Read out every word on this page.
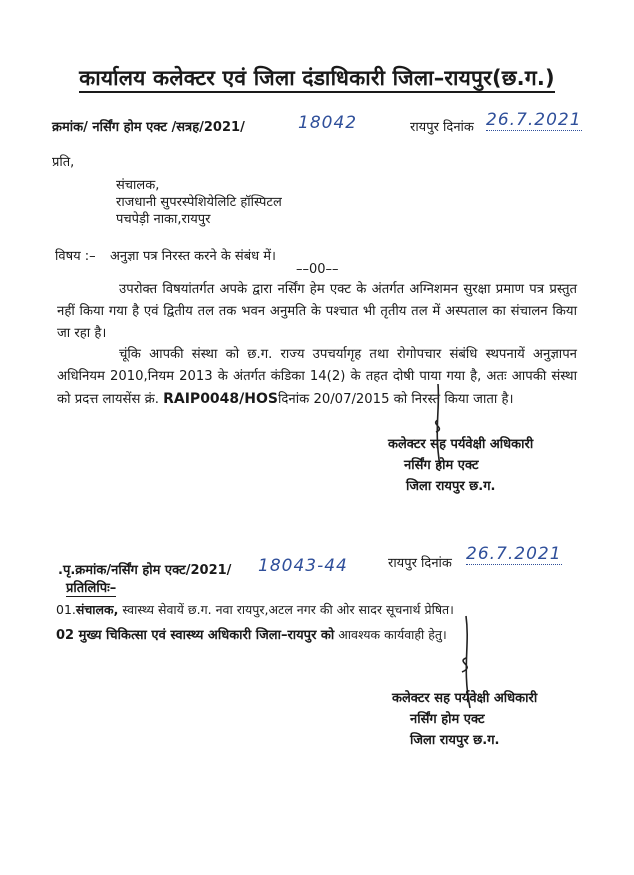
कार्यालय कलेक्टर एवं जिला दंडाधिकारी जिला–रायपुर(छ.ग.)
क्रमांक/ नर्सिंग होम एक्ट /सत्रह/2021/	18042	रायपुर दिनांक 26.7.2021
प्रति,
संचालक,
राजधानी सुपरस्पेशियेलिटि हॉस्पिटल
पचपेड़ी नाका,रायपुर
विषय :– अनुज्ञा पत्र निरस्त करने के संबंध में।
––00––
उपरोक्त विषयांतर्गत अपके द्वारा नर्सिंग हेम एक्ट के अंतर्गत अग्निशमन सुरक्षा प्रमाण पत्र प्रस्तुत नहीं किया गया है एवं द्वितीय तल तक भवन अनुमति के पश्चात भी तृतीय तल में अस्पताल का संचालन किया जा रहा है।
चूंकि आपकी संस्था को छ.ग. राज्य उपचर्यागृह तथा रोगोपचार संबंधि स्थपनायें अनुज्ञापन अधिनियम 2010,नियम 2013 के अंतर्गत कंडिका 14(2) के तहत दोषी पाया गया है, अतः आपकी संस्था को प्रदत्त लायसेंस क्रं. RAIP0048/HOSदिनांक 20/07/2015 को निरस्त किया जाता है।
कलेक्टर सह पर्यवेक्षी अधिकारी
नर्सिंग होम एक्ट
जिला रायपुर छ.ग.
.पृ.क्रमांक/नर्सिंग होम एक्ट/2021/ 18043-44	रायपुर दिनांक 26.7.2021
प्रतिलिपिः–
01.संचालक, स्वास्थ्य सेवायें छ.ग. नवा रायपुर,अटल नगर की ओर सादर सूचनार्थ प्रेषित।
02 मुख्य चिकित्सा एवं स्वास्थ्य अधिकारी जिला–रायपुर को आवश्यक कार्यवाही हेतु।
कलेक्टर सह पर्यवेक्षी अधिकारी
नर्सिंग होम एक्ट
जिला रायपुर छ.ग.
